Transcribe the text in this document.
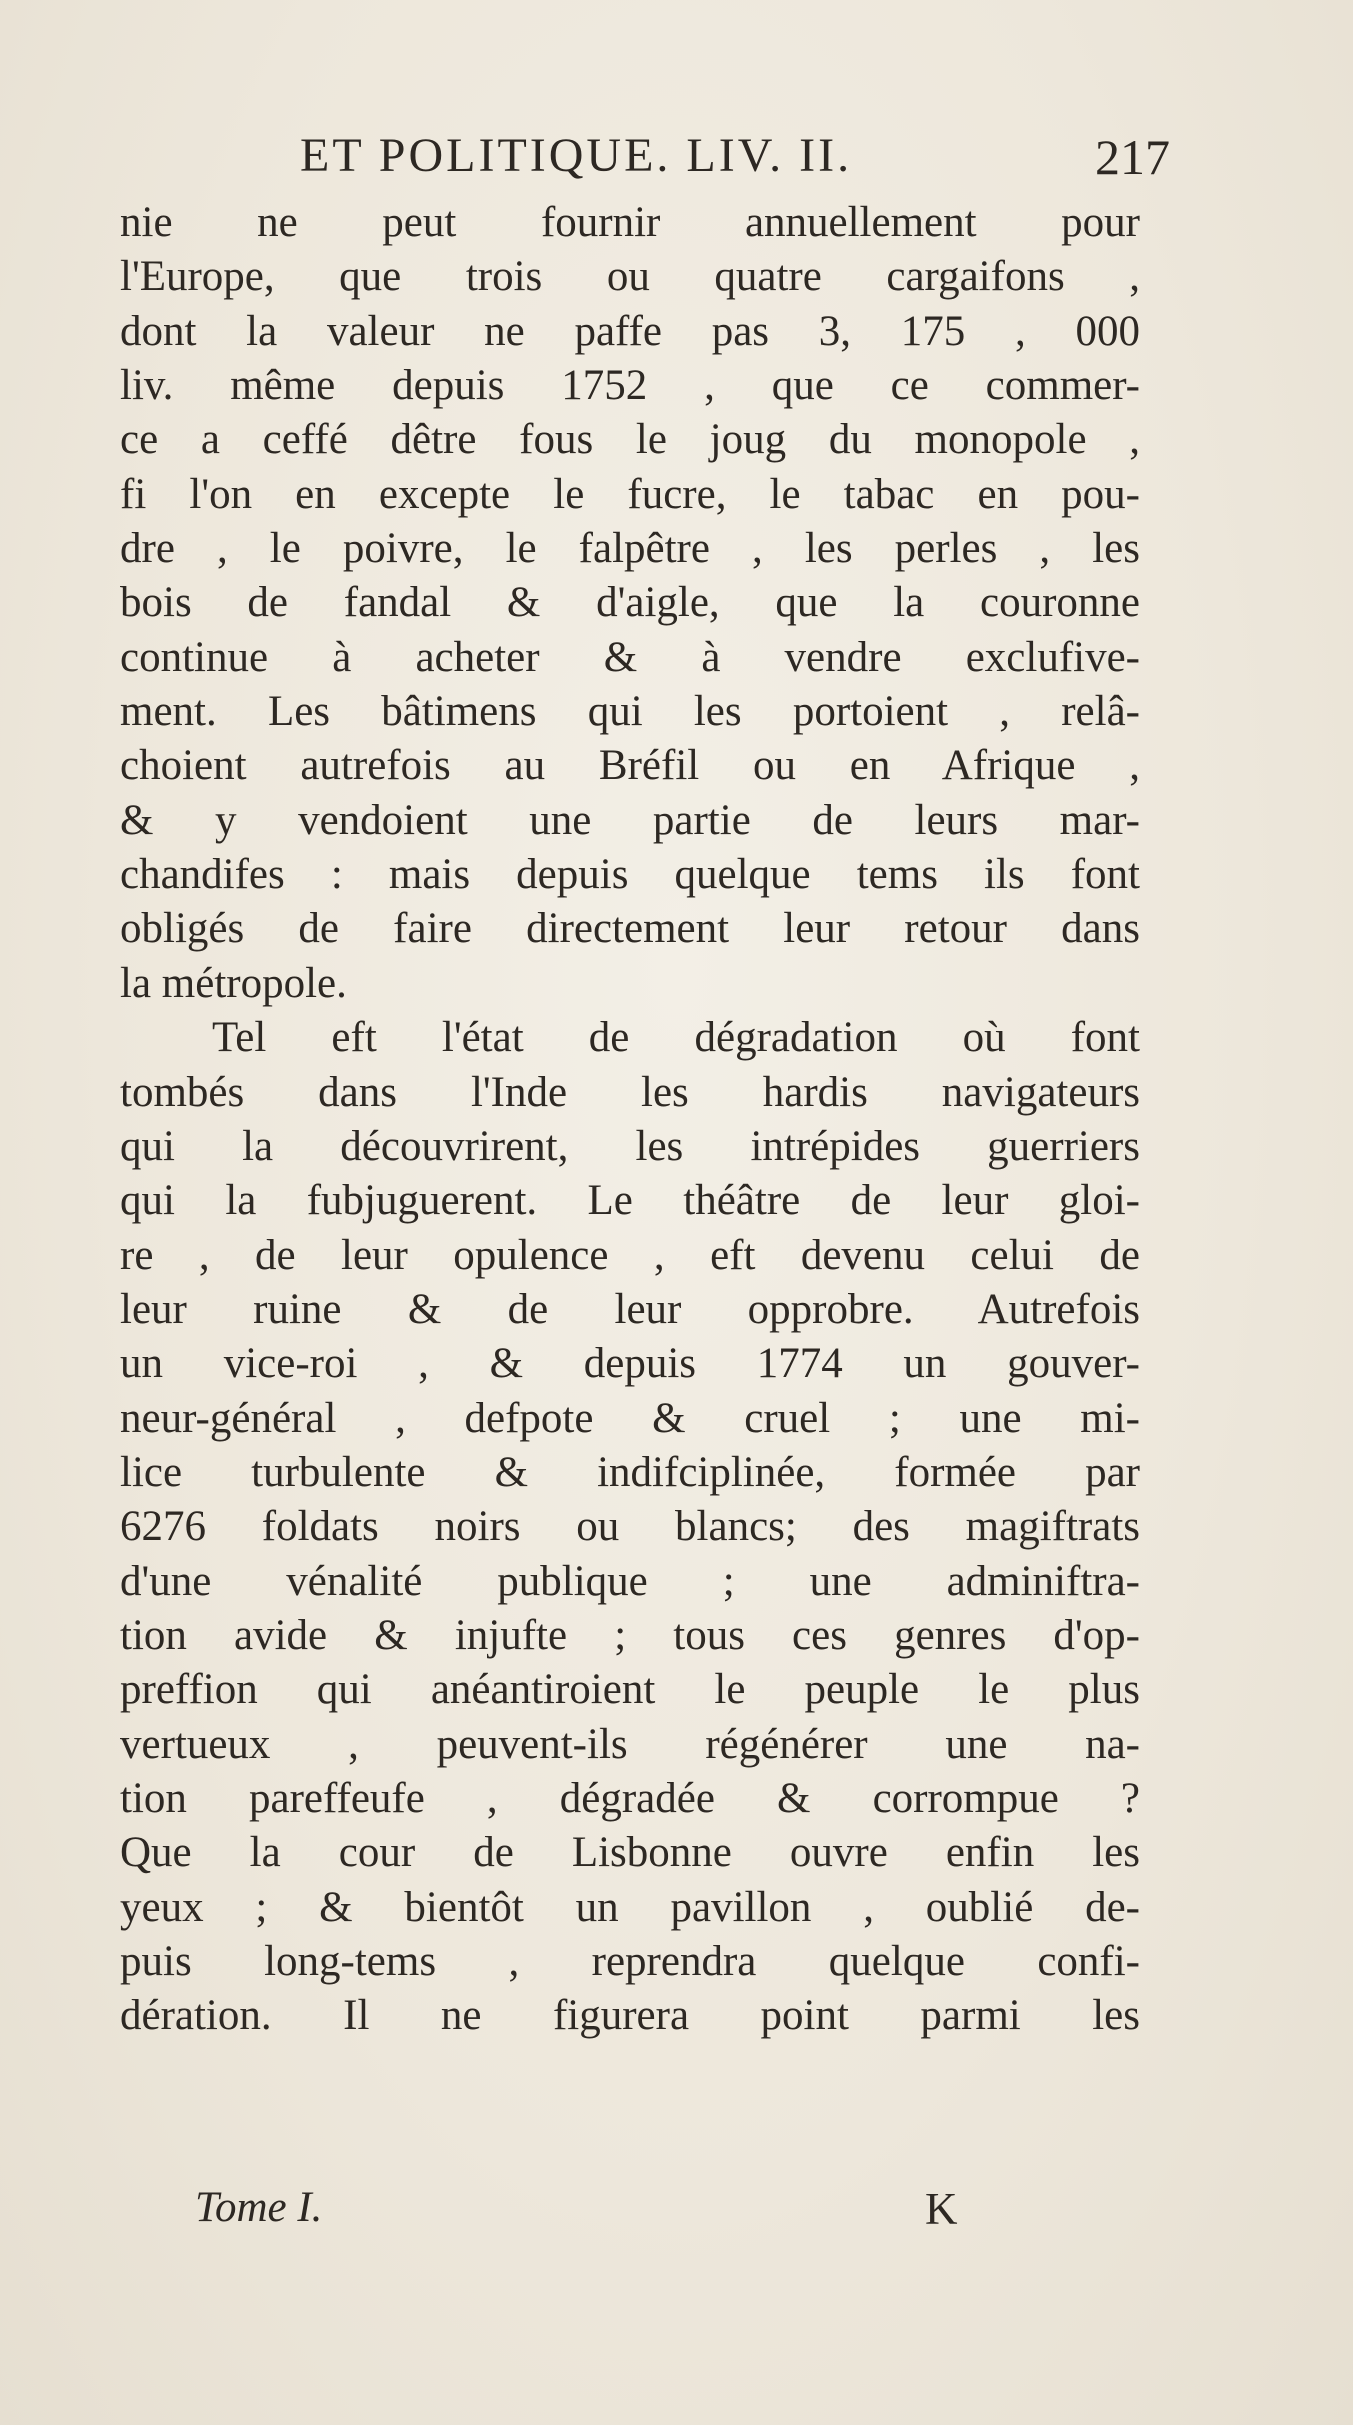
ET POLITIQUE. LIV. II.	217
nie ne peut fournir annuellement pour
l'Europe, que trois ou quatre cargaifons ,
dont la valeur ne paffe pas 3, 175 , 000
liv. même depuis 1752 , que ce commer-
ce a ceffé dêtre fous le joug du monopole ,
fi l'on en excepte le fucre, le tabac en pou-
dre , le poivre, le falpêtre , les perles , les
bois de fandal & d'aigle, que la couronne
continue à acheter & à vendre exclufive-
ment. Les bâtimens qui les portoient , relâ-
choient autrefois au Bréfil ou en Afrique ,
& y vendoient une partie de leurs mar-
chandifes : mais depuis quelque tems ils font
obligés de faire directement leur retour dans
la métropole.
Tel eft l'état de dégradation où font
tombés dans l'Inde les hardis navigateurs
qui la découvrirent, les intrépides guerriers
qui la fubjuguerent. Le théâtre de leur gloi-
re , de leur opulence , eft devenu celui de
leur ruine & de leur opprobre. Autrefois
un vice-roi , & depuis 1774 un gouver-
neur-général , defpote & cruel ; une mi-
lice turbulente & indifciplinée, formée par
6276 foldats noirs ou blancs; des magiftrats
d'une vénalité publique ; une adminiftra-
tion avide & injufte ; tous ces genres d'op-
preffion qui anéantiroient le peuple le plus
vertueux , peuvent-ils régénérer une na-
tion pareffeufe , dégradée & corrompue ?
Que la cour de Lisbonne ouvre enfin les
yeux ; & bientôt un pavillon , oublié de-
puis long-tems , reprendra quelque confi-
dération. Il ne figurera point parmi les
Tome I.	K
